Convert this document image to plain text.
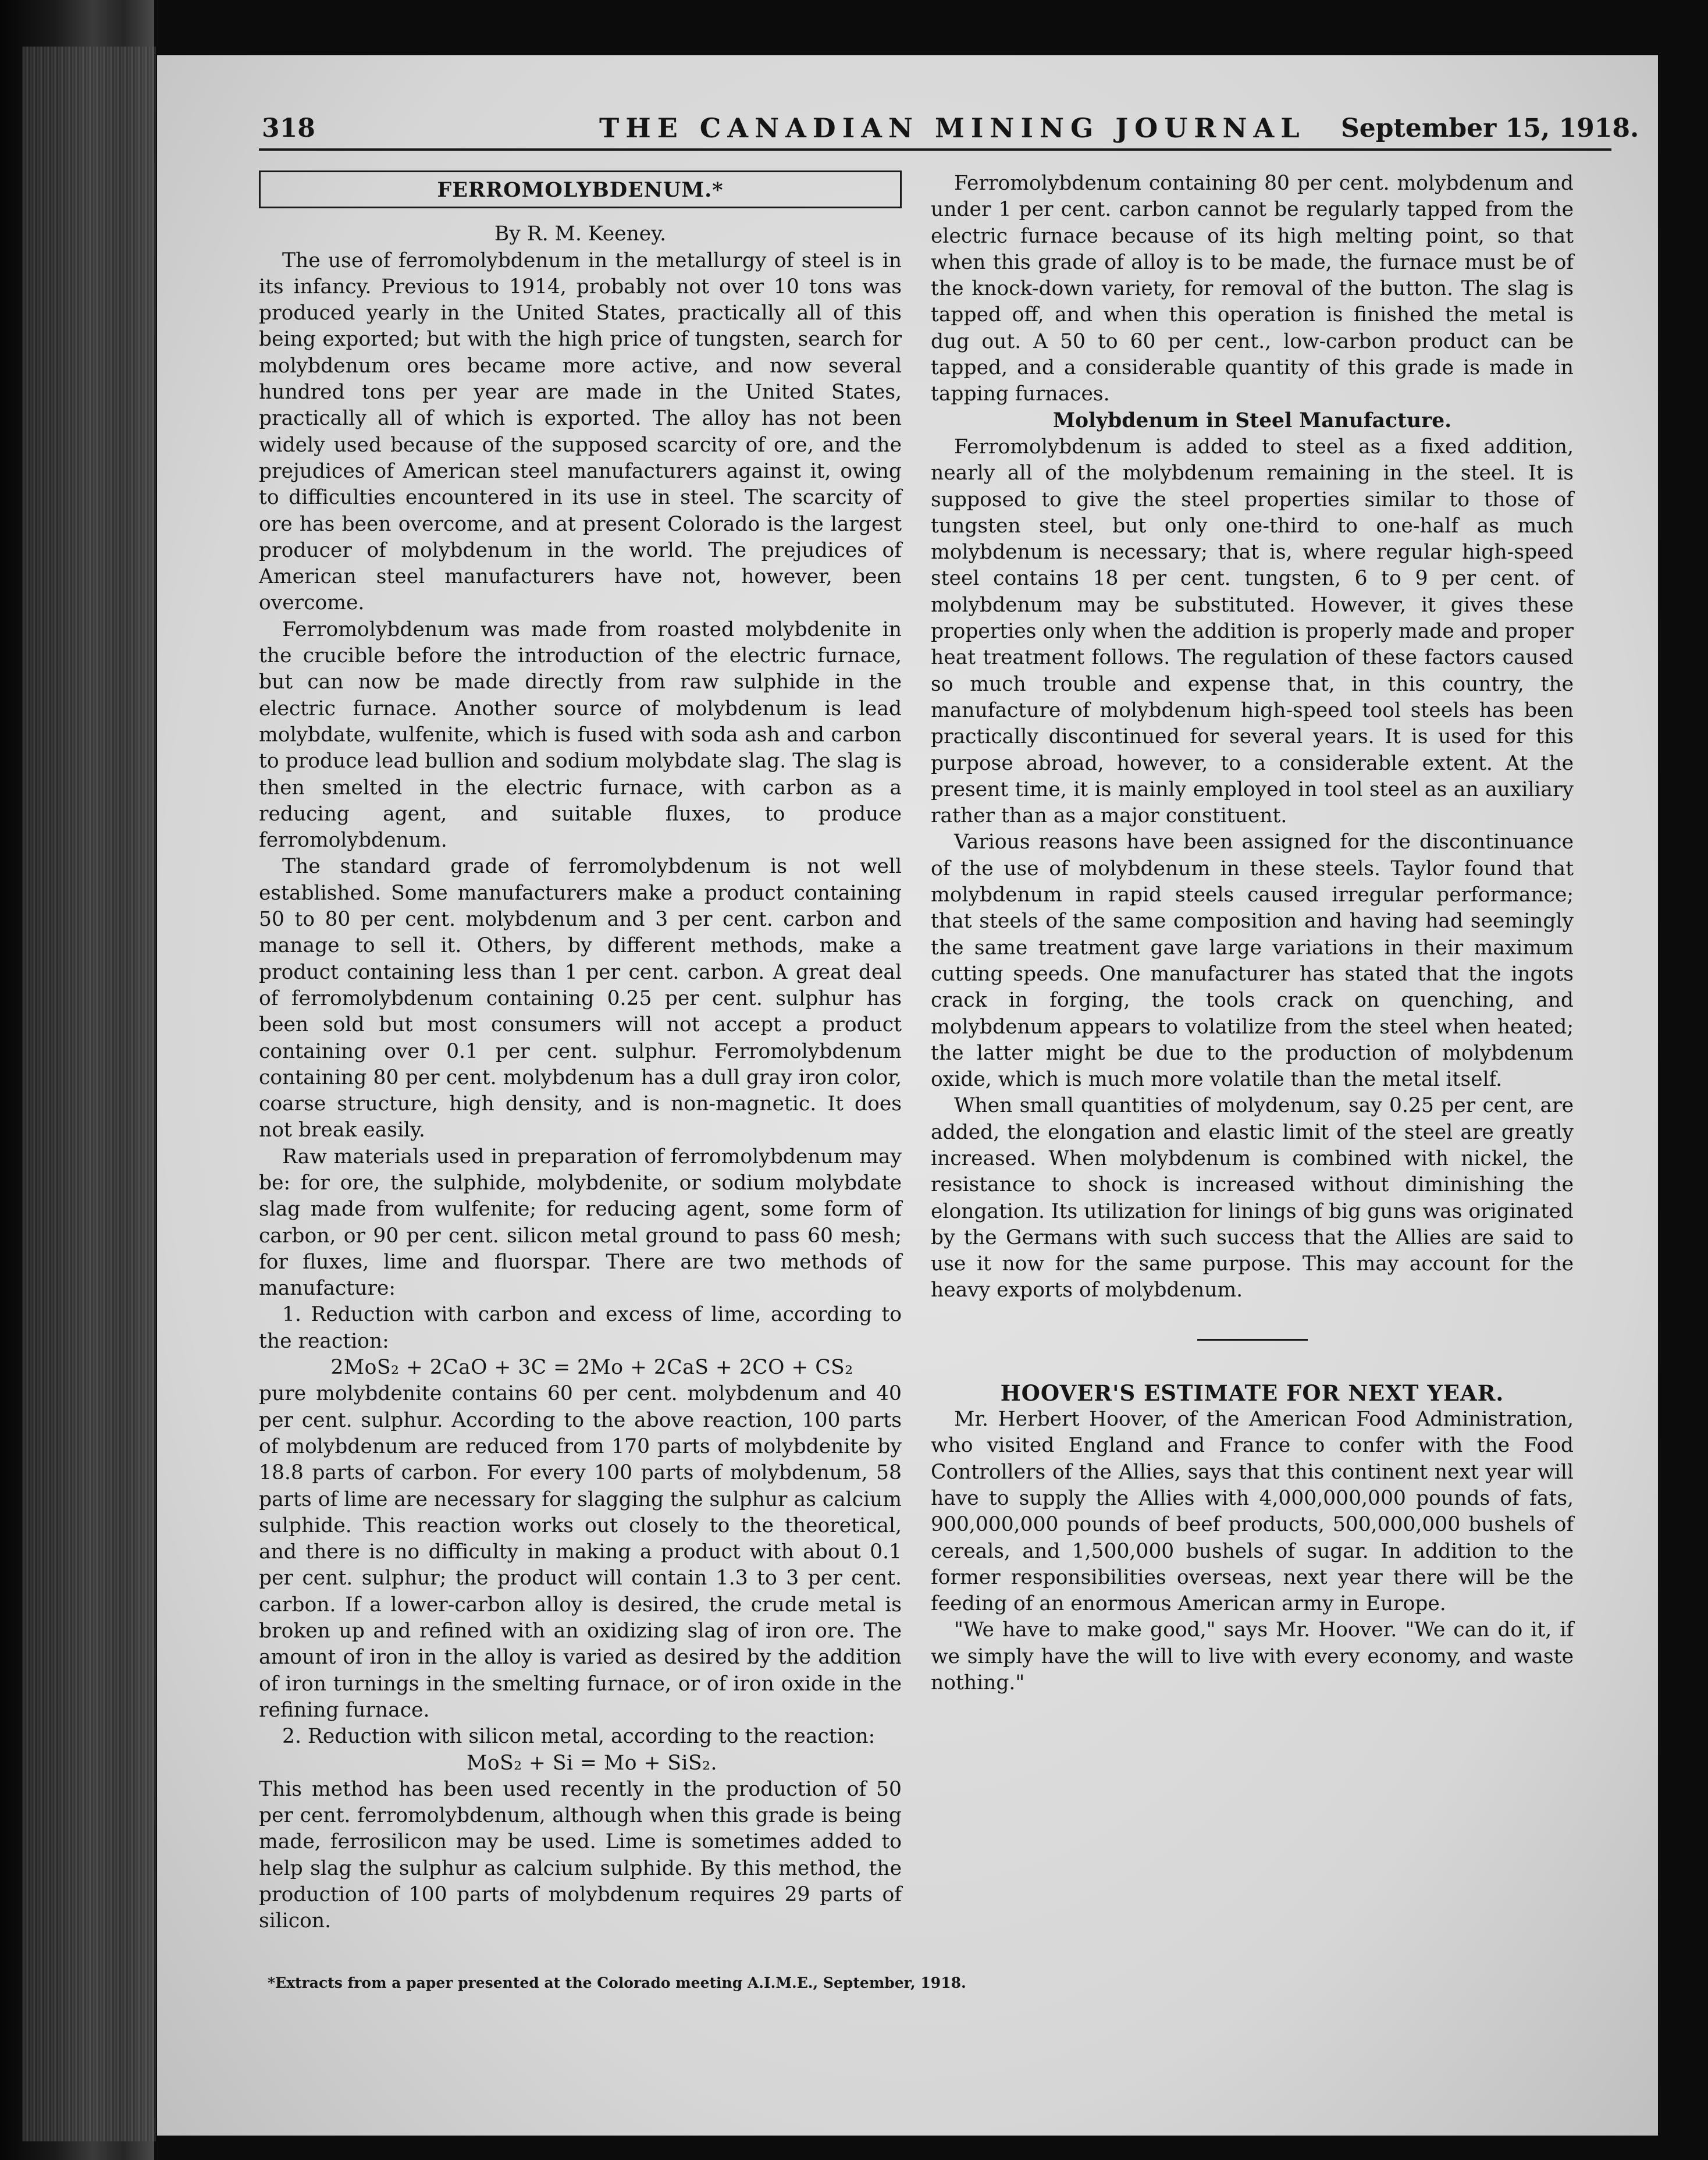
318	THE CANADIAN MINING JOURNAL September 15, 1918.
FERROMOLYBDENUM.*

By R. M. Keeney.

The use of ferromolybdenum in the metallurgy of steel is in its infancy. Previous to 1914, probably not over 10 tons was produced yearly in the United States, practically all of this being exported; but with the high price of tungsten, search for molybdenum ores became more active, and now several hundred tons per year are made in the United States, practically all of which is exported. The alloy has not been widely used because of the supposed scarcity of ore, and the prejudices of American steel manufacturers against it, owing to difficulties encountered in its use in steel. The scarcity of ore has been overcome, and at present Colorado is the largest producer of molybdenum in the world. The prejudices of American steel manufacturers have not, however, been overcome.

Ferromolybdenum was made from roasted molybdenite in the crucible before the introduction of the electric furnace, but can now be made directly from raw sulphide in the electric furnace. Another source of molybdenum is lead molybdate, wulfenite, which is fused with soda ash and carbon to produce lead bullion and sodium molybdate slag. The slag is then smelted in the electric furnace, with carbon as a reducing agent, and suitable fluxes, to produce ferromolybdenum.

The standard grade of ferromolybdenum is not well established. Some manufacturers make a product containing 50 to 80 per cent. molybdenum and 3 per cent. carbon and manage to sell it. Others, by different methods, make a product containing less than 1 per cent. carbon. A great deal of ferromolybdenum containing 0.25 per cent. sulphur has been sold but most consumers will not accept a product containing over 0.1 per cent. sulphur. Ferromolybdenum containing 80 per cent. molybdenum has a dull gray iron color, coarse structure, high density, and is non-magnetic. It does not break easily.

Raw materials used in preparation of ferromolybdenum may be: for ore, the sulphide, molybdenite, or sodium molybdate slag made from wulfenite; for reducing agent, some form of carbon, or 90 per cent. silicon metal ground to pass 60 mesh; for fluxes, lime and fluorspar. There are two methods of manufacture:

1. Reduction with carbon and excess of lime, according to the reaction:

2MoS₂ + 2CaO + 3C = 2Mo + 2CaS + 2CO + CS₂

pure molybdenite contains 60 per cent. molybdenum and 40 per cent. sulphur. According to the above reaction, 100 parts of molybdenum are reduced from 170 parts of molybdenite by 18.8 parts of carbon. For every 100 parts of molybdenum, 58 parts of lime are necessary for slagging the sulphur as calcium sulphide. This reaction works out closely to the theoretical, and there is no difficulty in making a product with about 0.1 per cent. sulphur; the product will contain 1.3 to 3 per cent. carbon. If a lower-carbon alloy is desired, the crude metal is broken up and refined with an oxidizing slag of iron ore. The amount of iron in the alloy is varied as desired by the addition of iron turnings in the smelting furnace, or of iron oxide in the refining furnace.

2. Reduction with silicon metal, according to the reaction:

MoS₂ + Si = Mo + SiS₂.

This method has been used recently in the production of 50 per cent. ferromolybdenum, although when this grade is being made, ferrosilicon may be used. Lime is sometimes added to help slag the sulphur as calcium sulphide. By this method, the production of 100 parts of molybdenum requires 29 parts of silicon.

Ferromolybdenum containing 80 per cent. molybdenum and under 1 per cent. carbon cannot be regularly tapped from the electric furnace because of its high melting point, so that when this grade of alloy is to be made, the furnace must be of the knock-down variety, for removal of the button. The slag is tapped off, and when this operation is finished the metal is dug out. A 50 to 60 per cent., low-carbon product can be tapped, and a considerable quantity of this grade is made in tapping furnaces.

Molybdenum in Steel Manufacture.

Ferromolybdenum is added to steel as a fixed addition, nearly all of the molybdenum remaining in the steel. It is supposed to give the steel properties similar to those of tungsten steel, but only one-third to one-half as much molybdenum is necessary; that is, where regular high-speed steel contains 18 per cent. tungsten, 6 to 9 per cent. of molybdenum may be substituted. However, it gives these properties only when the addition is properly made and proper heat treatment follows. The regulation of these factors caused so much trouble and expense that, in this country, the manufacture of molybdenum high-speed tool steels has been practically discontinued for several years. It is used for this purpose abroad, however, to a considerable extent. At the present time, it is mainly employed in tool steel as an auxiliary rather than as a major constituent.

Various reasons have been assigned for the discontinuance of the use of molybdenum in these steels. Taylor found that molybdenum in rapid steels caused irregular performance; that steels of the same composition and having had seemingly the same treatment gave large variations in their maximum cutting speeds. One manufacturer has stated that the ingots crack in forging, the tools crack on quenching, and molybdenum appears to volatilize from the steel when heated; the latter might be due to the production of molybdenum oxide, which is much more volatile than the metal itself.

When small quantities of molydenum, say 0.25 per cent, are added, the elongation and elastic limit of the steel are greatly increased. When molybdenum is combined with nickel, the resistance to shock is increased without diminishing the elongation. Its utilization for linings of big guns was originated by the Germans with such success that the Allies are said to use it now for the same purpose. This may account for the heavy exports of molybdenum.

HOOVER'S ESTIMATE FOR NEXT YEAR.

Mr. Herbert Hoover, of the American Food Administration, who visited England and France to confer with the Food Controllers of the Allies, says that this continent next year will have to supply the Allies with 4,000,000,000 pounds of fats, 900,000,000 pounds of beef products, 500,000,000 bushels of cereals, and 1,500,000 bushels of sugar. In addition to the former responsibilities overseas, next year there will be the feeding of an enormous American army in Europe.

"We have to make good," says Mr. Hoover. "We can do it, if we simply have the will to live with every economy, and waste nothing."

*Extracts from a paper presented at the Colorado meeting A.I.M.E., September, 1918.
